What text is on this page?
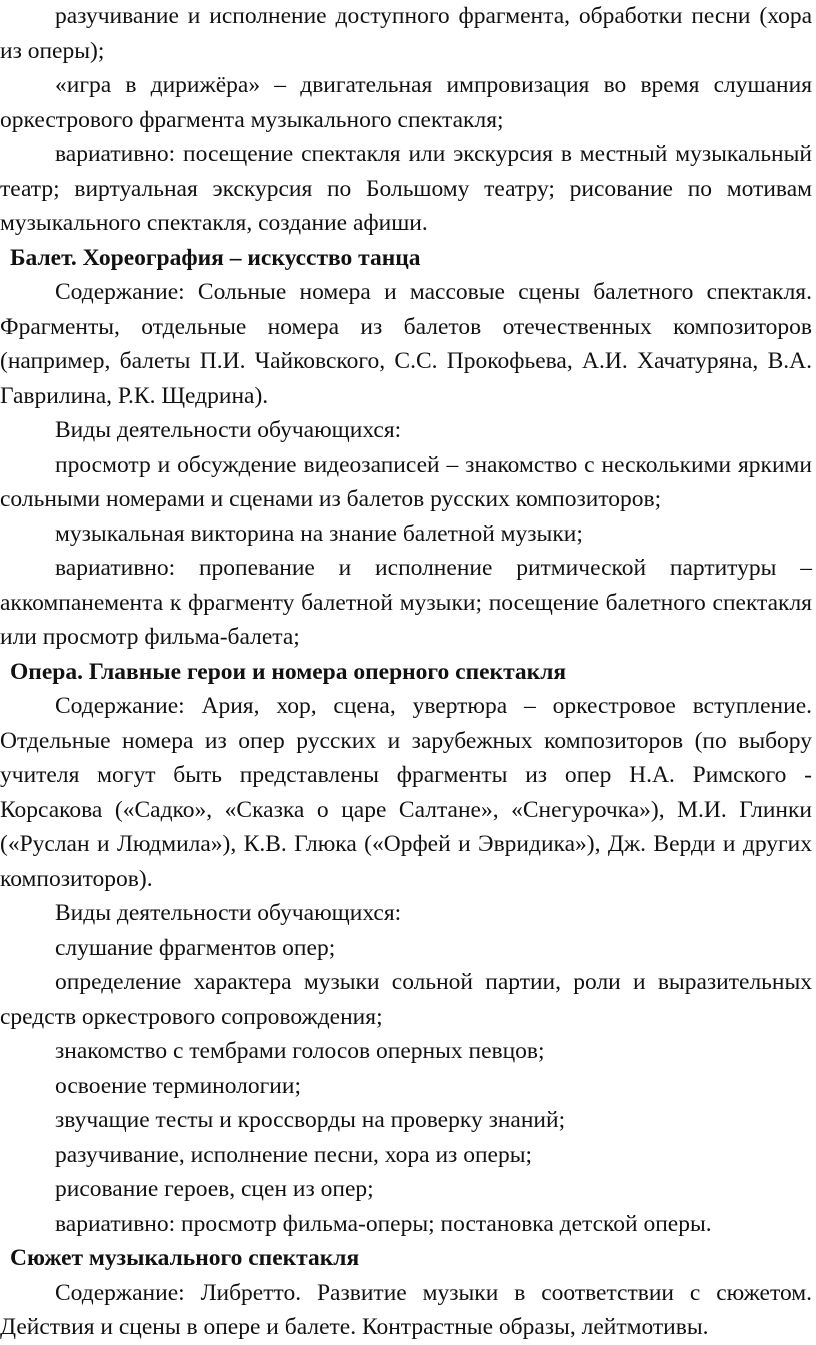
разучивание и исполнение доступного фрагмента, обработки песни (хора из оперы);

«игра в дирижёра» – двигательная импровизация во время слушания оркестрового фрагмента музыкального спектакля;

вариативно: посещение спектакля или экскурсия в местный музыкальный театр; виртуальная экскурсия по Большому театру; рисование по мотивам музыкального спектакля, создание афиши.

Балет. Хореография – искусство танца

Содержание: Сольные номера и массовые сцены балетного спектакля. Фрагменты, отдельные номера из балетов отечественных композиторов (например, балеты П.И. Чайковского, С.С. Прокофьева, А.И. Хачатуряна, В.А. Гаврилина, Р.К. Щедрина).

Виды деятельности обучающихся:

просмотр и обсуждение видеозаписей – знакомство с несколькими яркими сольными номерами и сценами из балетов русских композиторов;

музыкальная викторина на знание балетной музыки;

вариативно: пропевание и исполнение ритмической партитуры – аккомпанемента к фрагменту балетной музыки; посещение балетного спектакля или просмотр фильма-балета;

Опера. Главные герои и номера оперного спектакля

Содержание: Ария, хор, сцена, увертюра – оркестровое вступление. Отдельные номера из опер русских и зарубежных композиторов (по выбору учителя могут быть представлены фрагменты из опер Н.А. Римского - Корсакова («Садко», «Сказка о царе Салтане», «Снегурочка»), М.И. Глинки («Руслан и Людмила»), К.В. Глюка («Орфей и Эвридика»), Дж. Верди и других композиторов).

Виды деятельности обучающихся:

слушание фрагментов опер;

определение характера музыки сольной партии, роли и выразительных средств оркестрового сопровождения;

знакомство с тембрами голосов оперных певцов;

освоение терминологии;

звучащие тесты и кроссворды на проверку знаний;

разучивание, исполнение песни, хора из оперы;

рисование героев, сцен из опер;

вариативно: просмотр фильма-оперы; постановка детской оперы.

Сюжет музыкального спектакля

Содержание: Либретто. Развитие музыки в соответствии с сюжетом. Действия и сцены в опере и балете. Контрастные образы, лейтмотивы.
